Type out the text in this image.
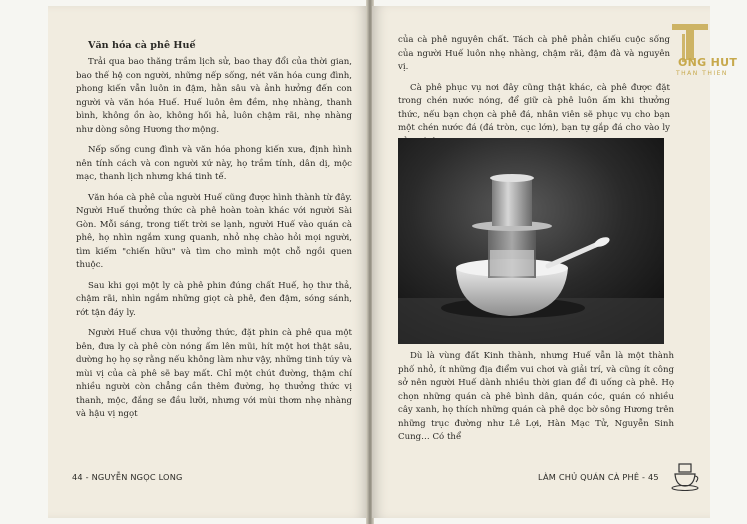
Văn hóa cà phê Huế

Trải qua bao thăng trầm lịch sử, bao thay đổi của thời gian, bao thế hệ con người, những nếp sống, nét văn hóa cung đình, phong kiến vẫn luôn in đậm, hằn sâu và ảnh hưởng đến con người và văn hóa Huế. Huế luôn êm đềm, nhẹ nhàng, thanh bình, không ồn ào, không hối hả, luôn chậm rãi, nhẹ nhàng như dòng sông Hương thơ mộng.

Nếp sống cung đình và văn hóa phong kiến xưa, định hình nên tính cách và con người xứ này, họ trầm tính, dân dị, mộc mạc, thanh lịch nhưng khá tinh tế.

Văn hóa cà phê của người Huế cũng được hình thành từ đây. Người Huế thưởng thức cà phê hoàn toàn khác với người Sài Gòn. Mỗi sáng, trong tiết trời se lạnh, người Huế vào quán cà phê, họ nhìn ngắm xung quanh, nhỏ nhẹ chào hỏi mọi người, tìm kiếm "chiến hữu" và tìm cho mình một chỗ ngồi quen thuộc.

Sau khi gọi một ly cà phê phin đúng chất Huế, họ thư thả, chậm rãi, nhìn ngắm những giọt cà phê, đen đậm, sóng sánh, rớt tận đáy ly.

Người Huế chưa vội thưởng thức, đặt phin cà phê qua một bên, đưa ly cà phê còn nóng ấm lên mũi, hít một hơi thật sâu, dường họ họ sợ rằng nếu không làm như vậy, những tinh túy và mùi vị của cà phê sẽ bay mất. Chỉ một chút đường, thậm chí nhiều người còn chẳng cần thêm đường, họ thưởng thức vị thanh, mộc, đắng se đầu lưỡi, nhưng với mùi thơm nhẹ nhàng và hậu vị ngọt

44 - NGUYỄN NGỌC LONG

của cà phê nguyên chất. Tách cà phê phản chiếu cuộc sống của người Huế luôn nhẹ nhàng, chậm rãi, đậm đà và nguyên vị.

Cà phê phục vụ nơi đây cũng thật khác, cà phê được đặt trong chén nước nóng, để giữ cà phê luôn ấm khi thưởng thức, nếu bạn chọn cà phê đá, nhân viên sẽ phục vụ cho bạn một chén nước đá (đá tròn, cục lớn), bạn tự gắp đá cho vào ly

Dù là vùng đất Kinh thành, nhưng Huế vẫn là một thành phố nhỏ, ít những địa điểm vui chơi và giải trí, và cũng ít công sở nên người Huế dành nhiều thời gian để đi uống cà phê. Họ chọn những quán cà phê bình dân, quán cóc, quán có nhiều cây xanh, họ thích những quán cà phê dọc bờ sông Hương trên những trục đường như Lê Lợi, Hàn Mạc Tử, Nguyễn Sinh Cung… Có thể

LÀM CHỦ QUÁN CÀ PHÊ - 45
ONG HUT
THAN THIEN
